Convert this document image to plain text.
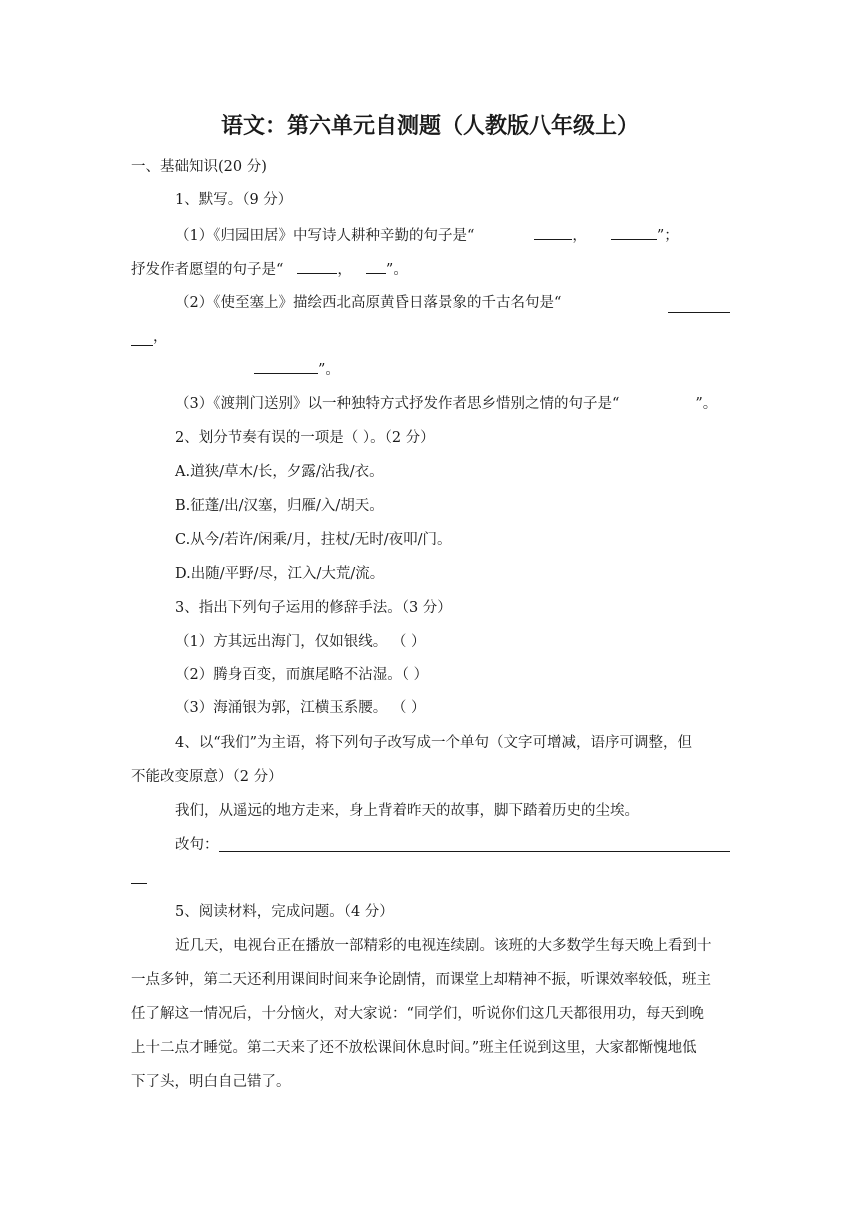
语文：第六单元自测题（人教版八年级上）
一、基础知识(20 分)
1、默写。（9 分）
（1）《归园田居》中写诗人耕种辛勤的句子是“	，	”；
抒发作者愿望的句子是“	， ”。
（2）《使至塞上》描绘西北高原黄昏日落景象的千古名句是“
，
”。
（3）《渡荆门送别》以一种独特方式抒发作者思乡惜别之情的句子是“	”。
2、划分节奏有误的一项是（ ）。（2 分）
A.道狭/草木/长，夕露/沾我/衣。
B.征蓬/出/汉塞，归雁/入/胡天。
C.从今/若许/闲乘/月，拄杖/无时/夜叩/门。
D.出随/平野/尽，江入/大荒/流。
3、指出下列句子运用的修辞手法。（3 分）
（1）方其远出海门，仅如银线。 （ ）
（2）腾身百变，而旗尾略不沾湿。（ ）
（3）海涌银为郭，江横玉系腰。 （ ）
4、以“我们”为主语，将下列句子改写成一个单句（文字可增减，语序可调整，但
不能改变原意）（2 分）
我们，从遥远的地方走来，身上背着昨天的故事，脚下踏着历史的尘埃。
改句：
5、阅读材料，完成问题。（4 分）
近几天，电视台正在播放一部精彩的电视连续剧。该班的大多数学生每天晚上看到十
一点多钟，第二天还利用课间时间来争论剧情，而课堂上却精神不振，听课效率较低，班主
任了解这一情况后，十分恼火，对大家说：“同学们，听说你们这几天都很用功，每天到晚
上十二点才睡觉。第二天来了还不放松课间休息时间。”班主任说到这里，大家都惭愧地低
下了头，明白自己错了。
